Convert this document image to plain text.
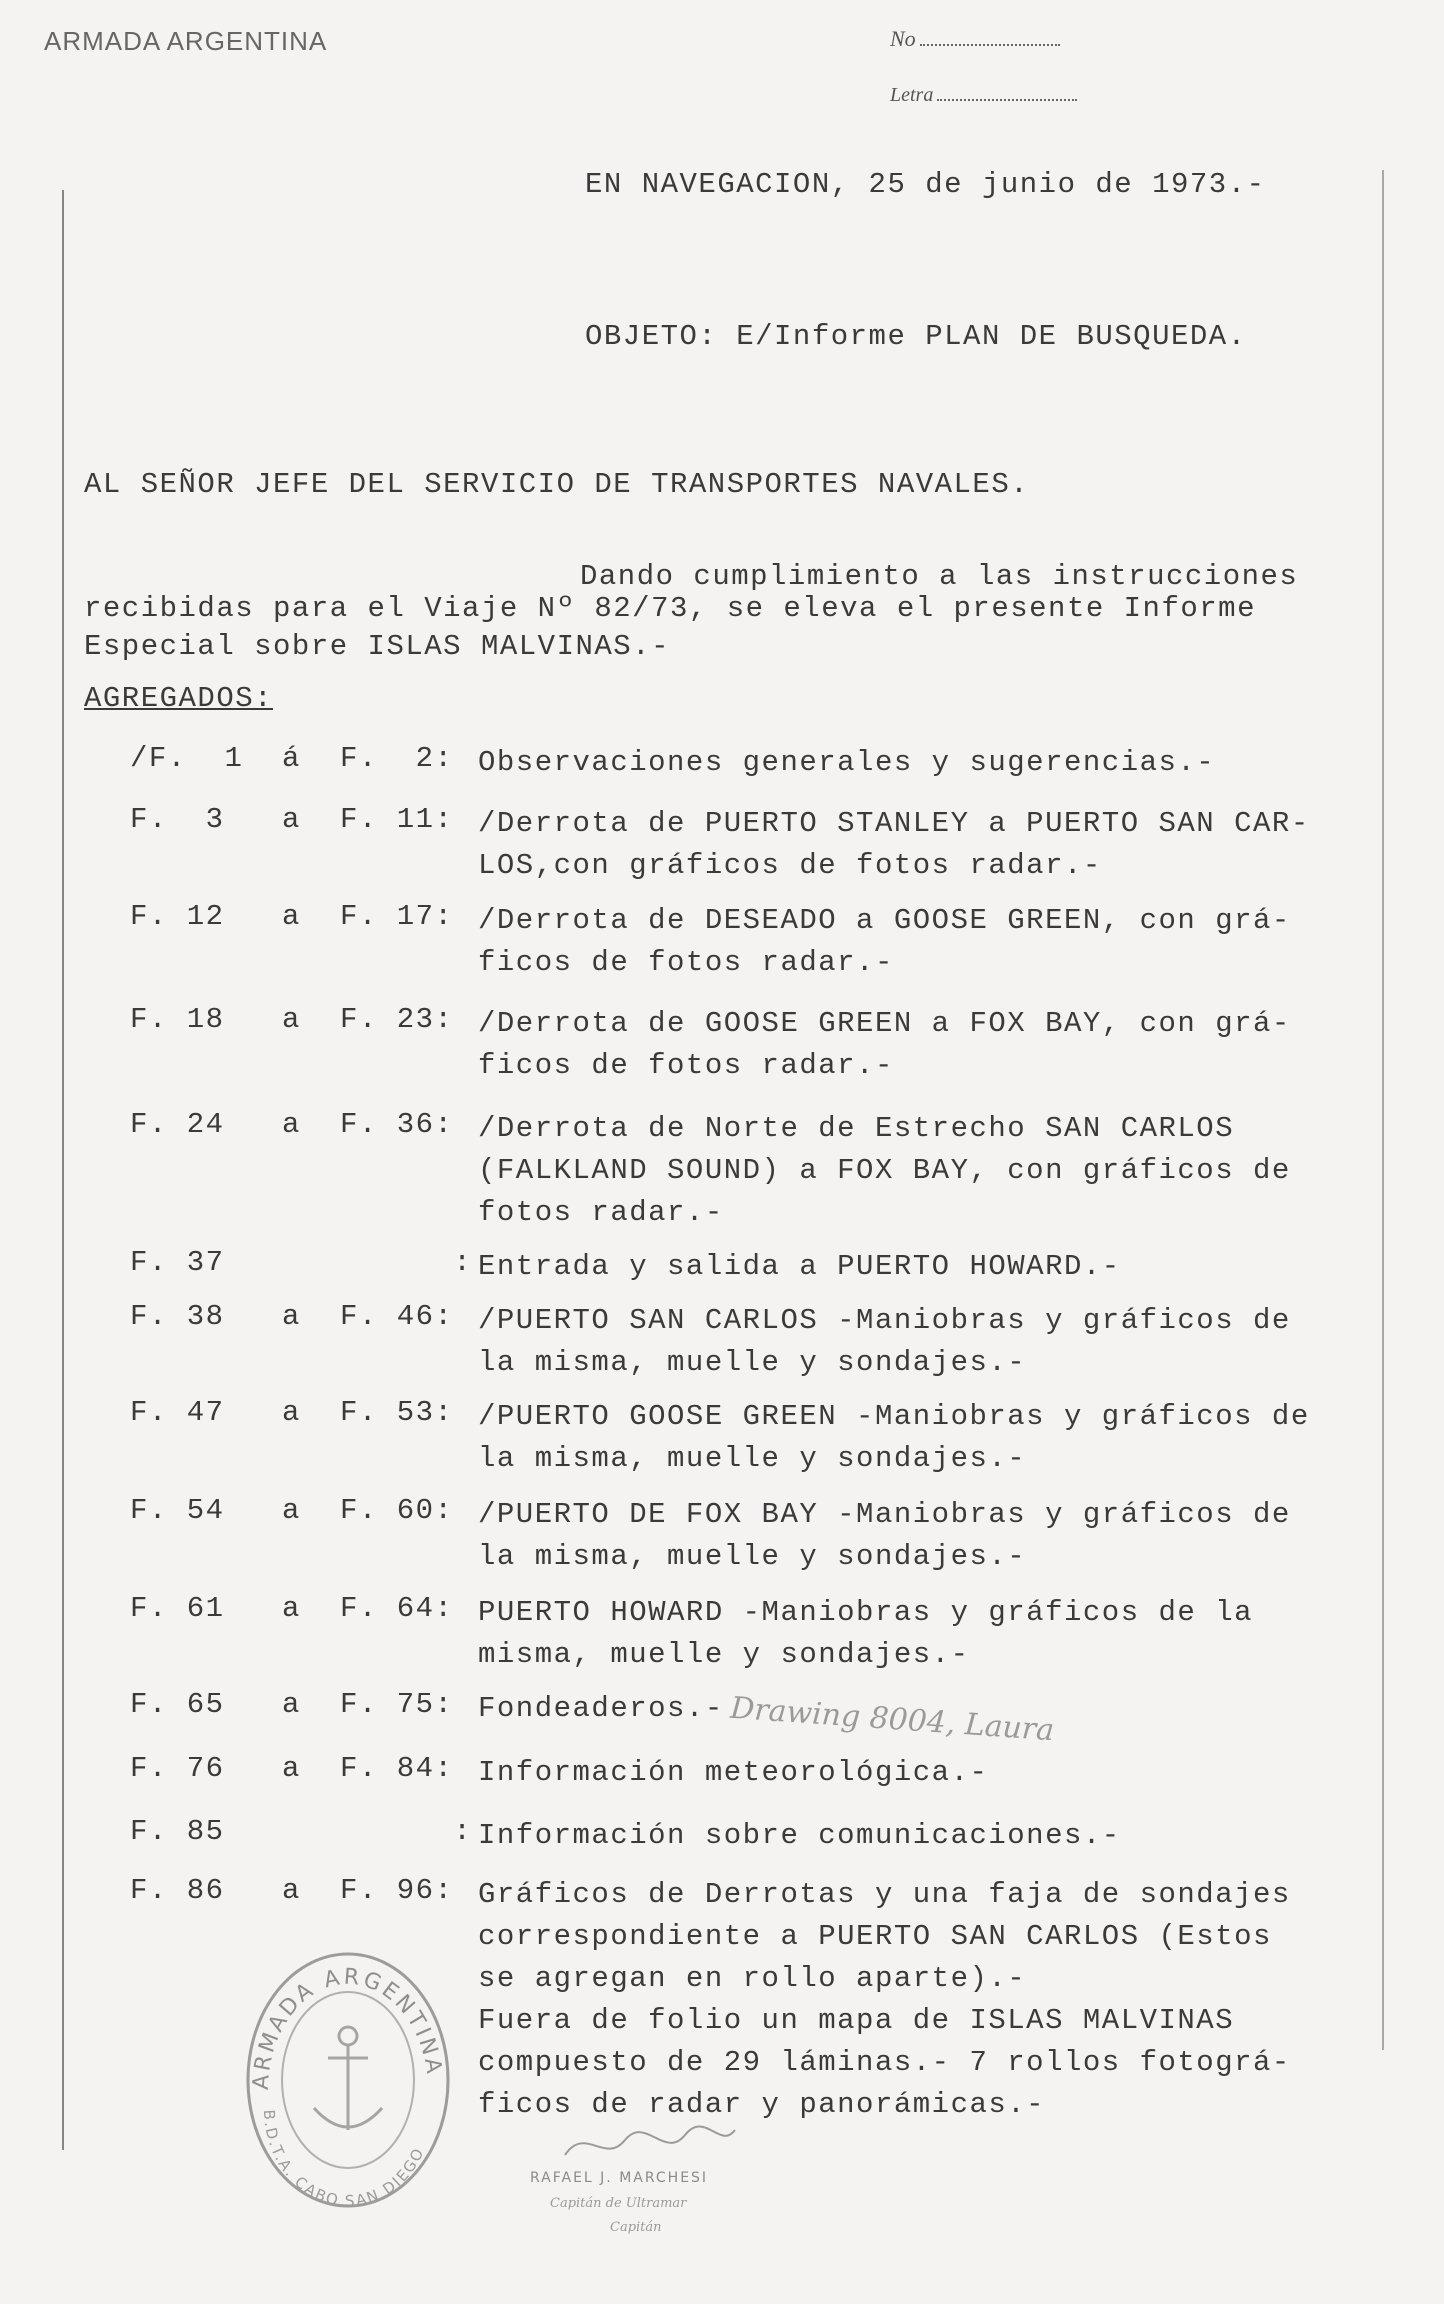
ARMADA ARGENTINA	No
Letra
EN NAVEGACION, 25 de junio de 1973.-
OBJETO: E/Informe PLAN DE BUSQUEDA.
AL SEÑOR JEFE DEL SERVICIO DE TRANSPORTES NAVALES.
Dando cumplimiento a las instrucciones
recibidas para el Viaje Nº 82/73, se eleva el presente Informe
Especial sobre ISLAS MALVINAS.-
AGREGADOS:
/F.  1 á F.  2: Observaciones generales y sugerencias.-
F.  3 a F. 11: /Derrota de PUERTO STANLEY a PUERTO SAN CAR-
LOS,con gráficos de fotos radar.-
F. 12 a F. 17: /Derrota de DESEADO a GOOSE GREEN, con grá-
ficos de fotos radar.-
F. 18 a F. 23: /Derrota de GOOSE GREEN a FOX BAY, con grá-
ficos de fotos radar.-
F. 24 a F. 36: /Derrota de Norte de Estrecho SAN CARLOS
(FALKLAND SOUND) a FOX BAY, con gráficos de
fotos radar.-
F. 37	: Entrada y salida a PUERTO HOWARD.-
F. 38 a F. 46: /PUERTO SAN CARLOS -Maniobras y gráficos de
la misma, muelle y sondajes.-
F. 47 a F. 53: /PUERTO GOOSE GREEN -Maniobras y gráficos de
la misma, muelle y sondajes.-
F. 54 a F. 60: /PUERTO DE FOX BAY -Maniobras y gráficos de
la misma, muelle y sondajes.-
F. 61 a F. 64: PUERTO HOWARD -Maniobras y gráficos de la
misma, muelle y sondajes.-
F. 65 a F. 75: Fondeaderos.-
F. 76 a F. 84: Información meteorológica.-
F. 85	: Información sobre comunicaciones.-
F. 86 a F. 96: Gráficos de Derrotas y una faja de sondajes
correspondiente a PUERTO SAN CARLOS (Estos
se agregan en rollo aparte).-
Fuera de folio un mapa de ISLAS MALVINAS
compuesto de 29 láminas.- 7 rollos fotográ-
ficos de radar y panorámicas.-
Drawing 8004, Laura
ARMADA ARGENTINA
B.D.T.A. CABO SAN DIEGO
RAFAEL J. MARCHESI
Capitán de Ultramar
Capitán
